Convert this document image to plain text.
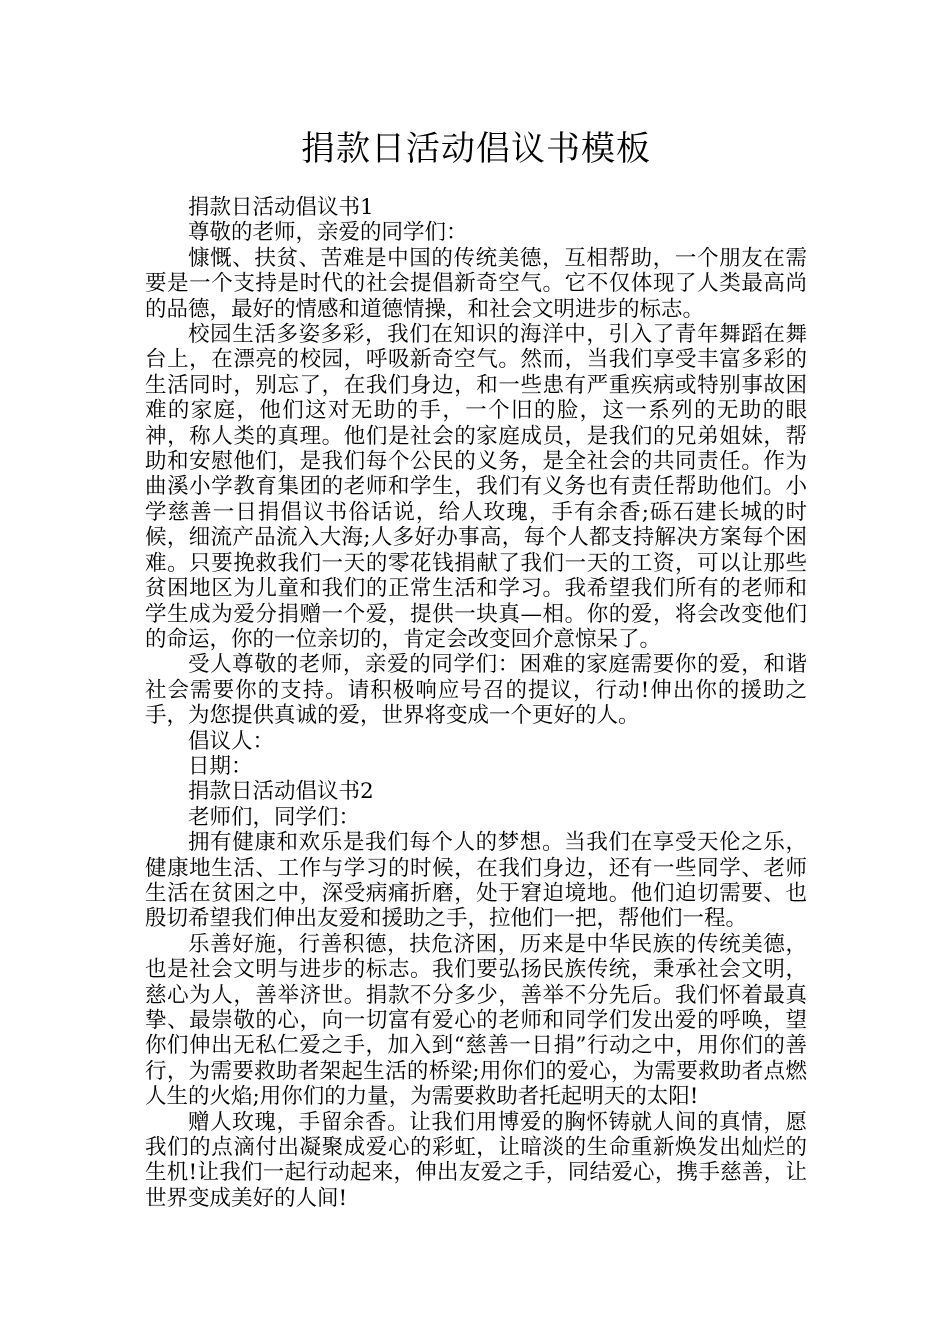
捐款日活动倡议书模板

捐款日活动倡议书1

尊敬的老师，亲爱的同学们：

慷慨、扶贫、苦难是中国的传统美德，互相帮助，一个朋友在需要是一个支持是时代的社会提倡新奇空气。它不仅体现了人类最高尚的品德，最好的情感和道德情操，和社会文明进步的标志。

校园生活多姿多彩，我们在知识的海洋中，引入了青年舞蹈在舞台上，在漂亮的校园，呼吸新奇空气。然而，当我们享受丰富多彩的生活同时，别忘了，在我们身边，和一些患有严重疾病或特别事故困难的家庭，他们这对无助的手，一个旧的脸，这一系列的无助的眼神，称人类的真理。他们是社会的家庭成员，是我们的兄弟姐妹，帮助和安慰他们，是我们每个公民的义务，是全社会的共同责任。作为曲溪小学教育集团的老师和学生，我们有义务也有责任帮助他们。小学慈善一日捐倡议书俗话说，给人玫瑰，手有余香;砾石建长城的时候，细流产品流入大海;人多好办事高，每个人都支持解决方案每个困难。只要挽救我们一天的零花钱捐献了我们一天的工资，可以让那些贫困地区为儿童和我们的正常生活和学习。我希望我们所有的老师和学生成为爱分捐赠一个爱，提供一块真—相。你的爱，将会改变他们的命运，你的一位亲切的，肯定会改变回介意惊呆了。

受人尊敬的老师，亲爱的同学们：困难的家庭需要你的爱，和谐社会需要你的支持。请积极响应号召的提议，行动!伸出你的援助之手，为您提供真诚的爱，世界将变成一个更好的人。

倡议人：

日期：

捐款日活动倡议书2

老师们，同学们：

拥有健康和欢乐是我们每个人的梦想。当我们在享受天伦之乐，健康地生活、工作与学习的时候，在我们身边，还有一些同学、老师生活在贫困之中，深受病痛折磨，处于窘迫境地。他们迫切需要、也殷切希望我们伸出友爱和援助之手，拉他们一把，帮他们一程。

乐善好施，行善积德，扶危济困，历来是中华民族的传统美德，也是社会文明与进步的标志。我们要弘扬民族传统，秉承社会文明，慈心为人，善举济世。捐款不分多少，善举不分先后。我们怀着最真挚、最崇敬的心，向一切富有爱心的老师和同学们发出爱的呼唤，望你们伸出无私仁爱之手，加入到“慈善一日捐”行动之中，用你们的善行，为需要救助者架起生活的桥梁;用你们的爱心，为需要救助者点燃人生的火焰;用你们的力量，为需要救助者托起明天的太阳!

赠人玫瑰，手留余香。让我们用博爱的胸怀铸就人间的真情，愿我们的点滴付出凝聚成爱心的彩虹，让暗淡的生命重新焕发出灿烂的生机!让我们一起行动起来，伸出友爱之手，同结爱心，携手慈善，让世界变成美好的人间!
